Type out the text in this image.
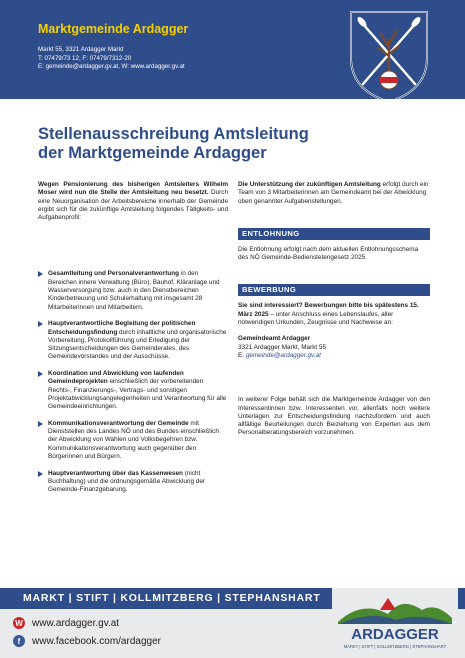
Marktgemeinde Ardagger
Markt 55, 3321 Ardagger Markt
T: 07479/73 12, F: 07479/7312-20
E: gemeinde@ardagger.gv.at, W: www.ardagger.gv.at
Stellenausschreibung Amtsleitung
der Marktgemeinde Ardagger

Wegen Pensionierung des bisherigen Amtsleiters Wilhelm Moser wird nun die Stelle der Amtsleitung neu besetzt. Durch eine Neuorganisation der Arbeitsbereiche innerhalb der Gemeinde ergibt sich für die zukünftige Amtsleitung folgendes Tätigkeits- und Aufgabenprofil:

Gesamtleitung und Personalverantwortung in den Bereichen innere Verwaltung (Büro), Bauhof, Kläranlage und Wasserversorgung bzw. auch in den Dienstbereichen Kinderbetreuung und Schulerhaltung mit insgesamt 28 Mitarbeiterinnen und Mitarbeitern.
Hauptverantwortliche Begleitung der politischen Entscheidungsfindung durch inhaltliche und organisatorische Vorbereitung, Protokollführung und Erledigung der Sitzungsentscheidungen des Gemeinderates, des Gemeindevorstandes und der Ausschüsse.
Koordination und Abwicklung von laufenden Gemeindeprojekten einschließlich der vorbereitenden Rechts-, Finanzierungs-, Vertrags- und sonstigen Projektabwicklungsangelegenheiten und Verantwortung für alle Gemeindeeinrichtungen.
Kommunikationsverantwortung der Gemeinde mit Dienststellen des Landes NÖ und des Bundes einschließlich der Abwicklung von Wahlen und Volksbegehren bzw. Kommunikationsverantwortung auch gegenüber den Bürgerinnen und Bürgern.
Hauptverantwortung über das Kassenwesen (nicht Buchhaltung) und die ordnungsgemäße Abwicklung der Gemeinde-Finanzgebarung.
Die Unterstützung der zukünftigen Amtsleitung erfolgt durch ein Team von 3 Mitarbeiterinnen am Gemeindeamt bei der Abwicklung oben genannter Aufgabenstellungen.
ENTLOHNUNG
Die Entlohnung erfolgt nach dem aktuellen Entlohnungsschema des NÖ Gemeinde-Bedienstetengesetz 2025.
BEWERBUNG
Sie sind interessiert? Bewerbungen bitte bis spätestens 15. März 2025 – unter Anschluss eines Lebenslaufes, aller notwendigen Urkunden, Zeugnisse und Nachweise an:
Gemeindeamt Ardagger
3321 Ardagger Markt, Markt 55
E: gemeinde@ardagger.gv.at
In weiterer Folge behält sich die Marktgemeinde Ardagger von den Interessentinnen bzw. Interessenten vor, allenfalls noch weitere Unterlagen zur Entscheidungsfindung nachzufordern und auch allfällige Beurteilungen durch Beiziehung von Experten aus dem Personalberatungsbereich vorzunehmen.
MARKT | STIFT | KOLLMITZBERG | STEPHANSHART
W www.ardagger.gv.at
f	www.facebook.com/ardagger	ARDAGGER
MARKT | STIFT | KOLLMITZBERG | STEPHANSHART
